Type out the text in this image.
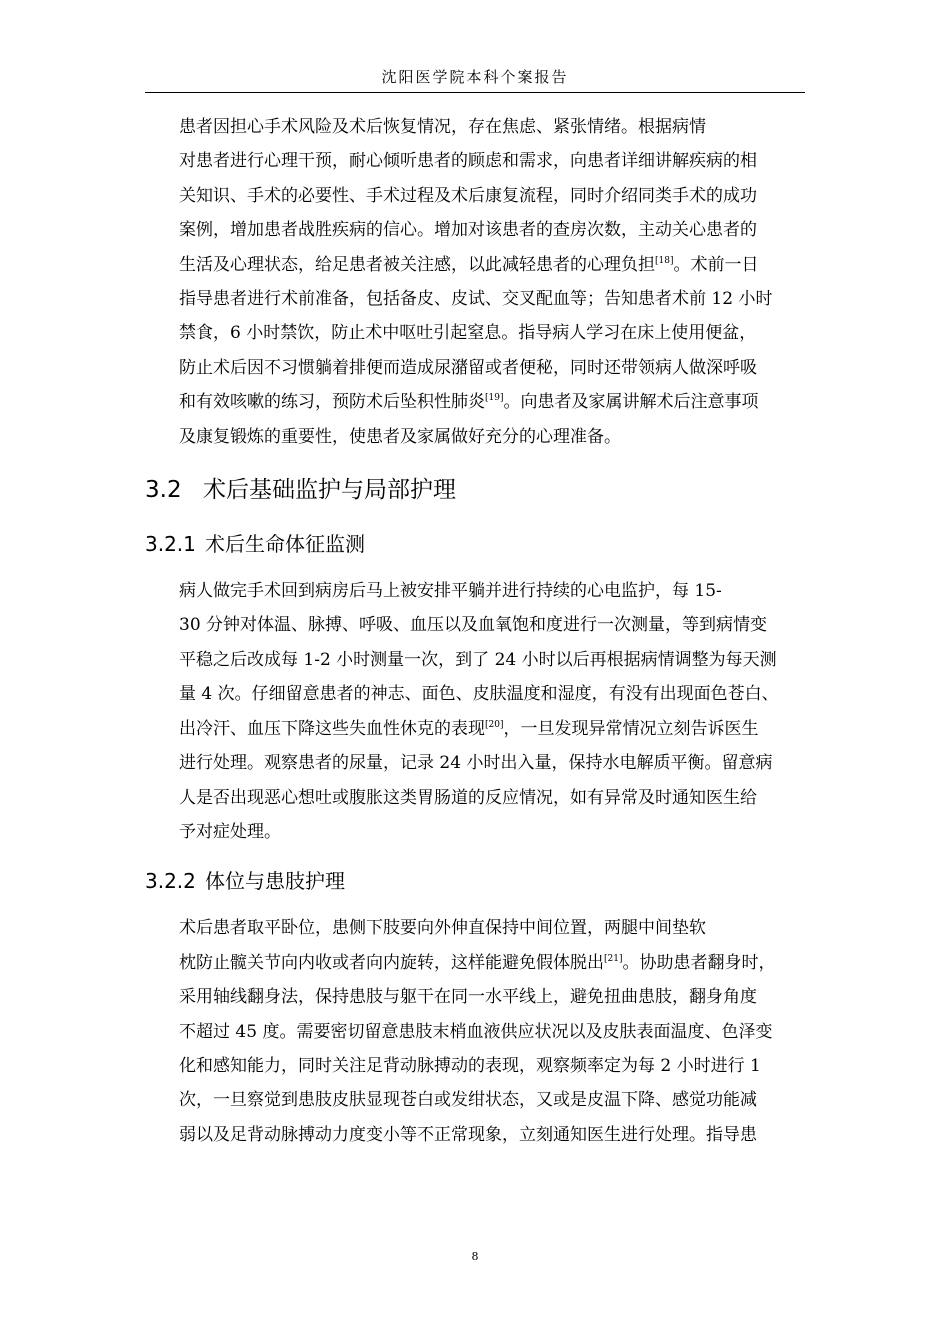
沈阳医学院本科个案报告

患者因担心手术风险及术后恢复情况，存在焦虑、紧张情绪。根据病情
对患者进行心理干预，耐心倾听患者的顾虑和需求，向患者详细讲解疾病的相
关知识、手术的必要性、手术过程及术后康复流程，同时介绍同类手术的成功
案例，增加患者战胜疾病的信心。增加对该患者的查房次数，主动关心患者的
生活及心理状态，给足患者被关注感，以此减轻患者的心理负担[18]。术前一日
指导患者进行术前准备，包括备皮、皮试、交叉配血等；告知患者术前 12 小时
禁食，6 小时禁饮，防止术中呕吐引起窒息。指导病人学习在床上使用便盆，
防止术后因不习惯躺着排便而造成尿潴留或者便秘，同时还带领病人做深呼吸
和有效咳嗽的练习，预防术后坠积性肺炎[19]。向患者及家属讲解术后注意事项
及康复锻炼的重要性，使患者及家属做好充分的心理准备。

3.2 术后基础监护与局部护理
3.2.1 术后生命体征监测

病人做完手术回到病房后马上被安排平躺并进行持续的心电监护，每 15-
30 分钟对体温、脉搏、呼吸、血压以及血氧饱和度进行一次测量，等到病情变
平稳之后改成每 1-2 小时测量一次，到了 24 小时以后再根据病情调整为每天测
量 4 次。仔细留意患者的神志、面色、皮肤温度和湿度，有没有出现面色苍白、
出冷汗、血压下降这些失血性休克的表现[20]，一旦发现异常情况立刻告诉医生
进行处理。观察患者的尿量，记录 24 小时出入量，保持水电解质平衡。留意病
人是否出现恶心想吐或腹胀这类胃肠道的反应情况，如有异常及时通知医生给
予对症处理。

3.2.2 体位与患肢护理

术后患者取平卧位，患侧下肢要向外伸直保持中间位置，两腿中间垫软
枕防止髋关节向内收或者向内旋转，这样能避免假体脱出[21]。协助患者翻身时，
采用轴线翻身法，保持患肢与躯干在同一水平线上，避免扭曲患肢，翻身角度
不超过 45 度。需要密切留意患肢末梢血液供应状况以及皮肤表面温度、色泽变
化和感知能力，同时关注足背动脉搏动的表现，观察频率定为每 2 小时进行 1
次，一旦察觉到患肢皮肤显现苍白或发绀状态，又或是皮温下降、感觉功能减
弱以及足背动脉搏动力度变小等不正常现象，立刻通知医生进行处理。指导患

8
